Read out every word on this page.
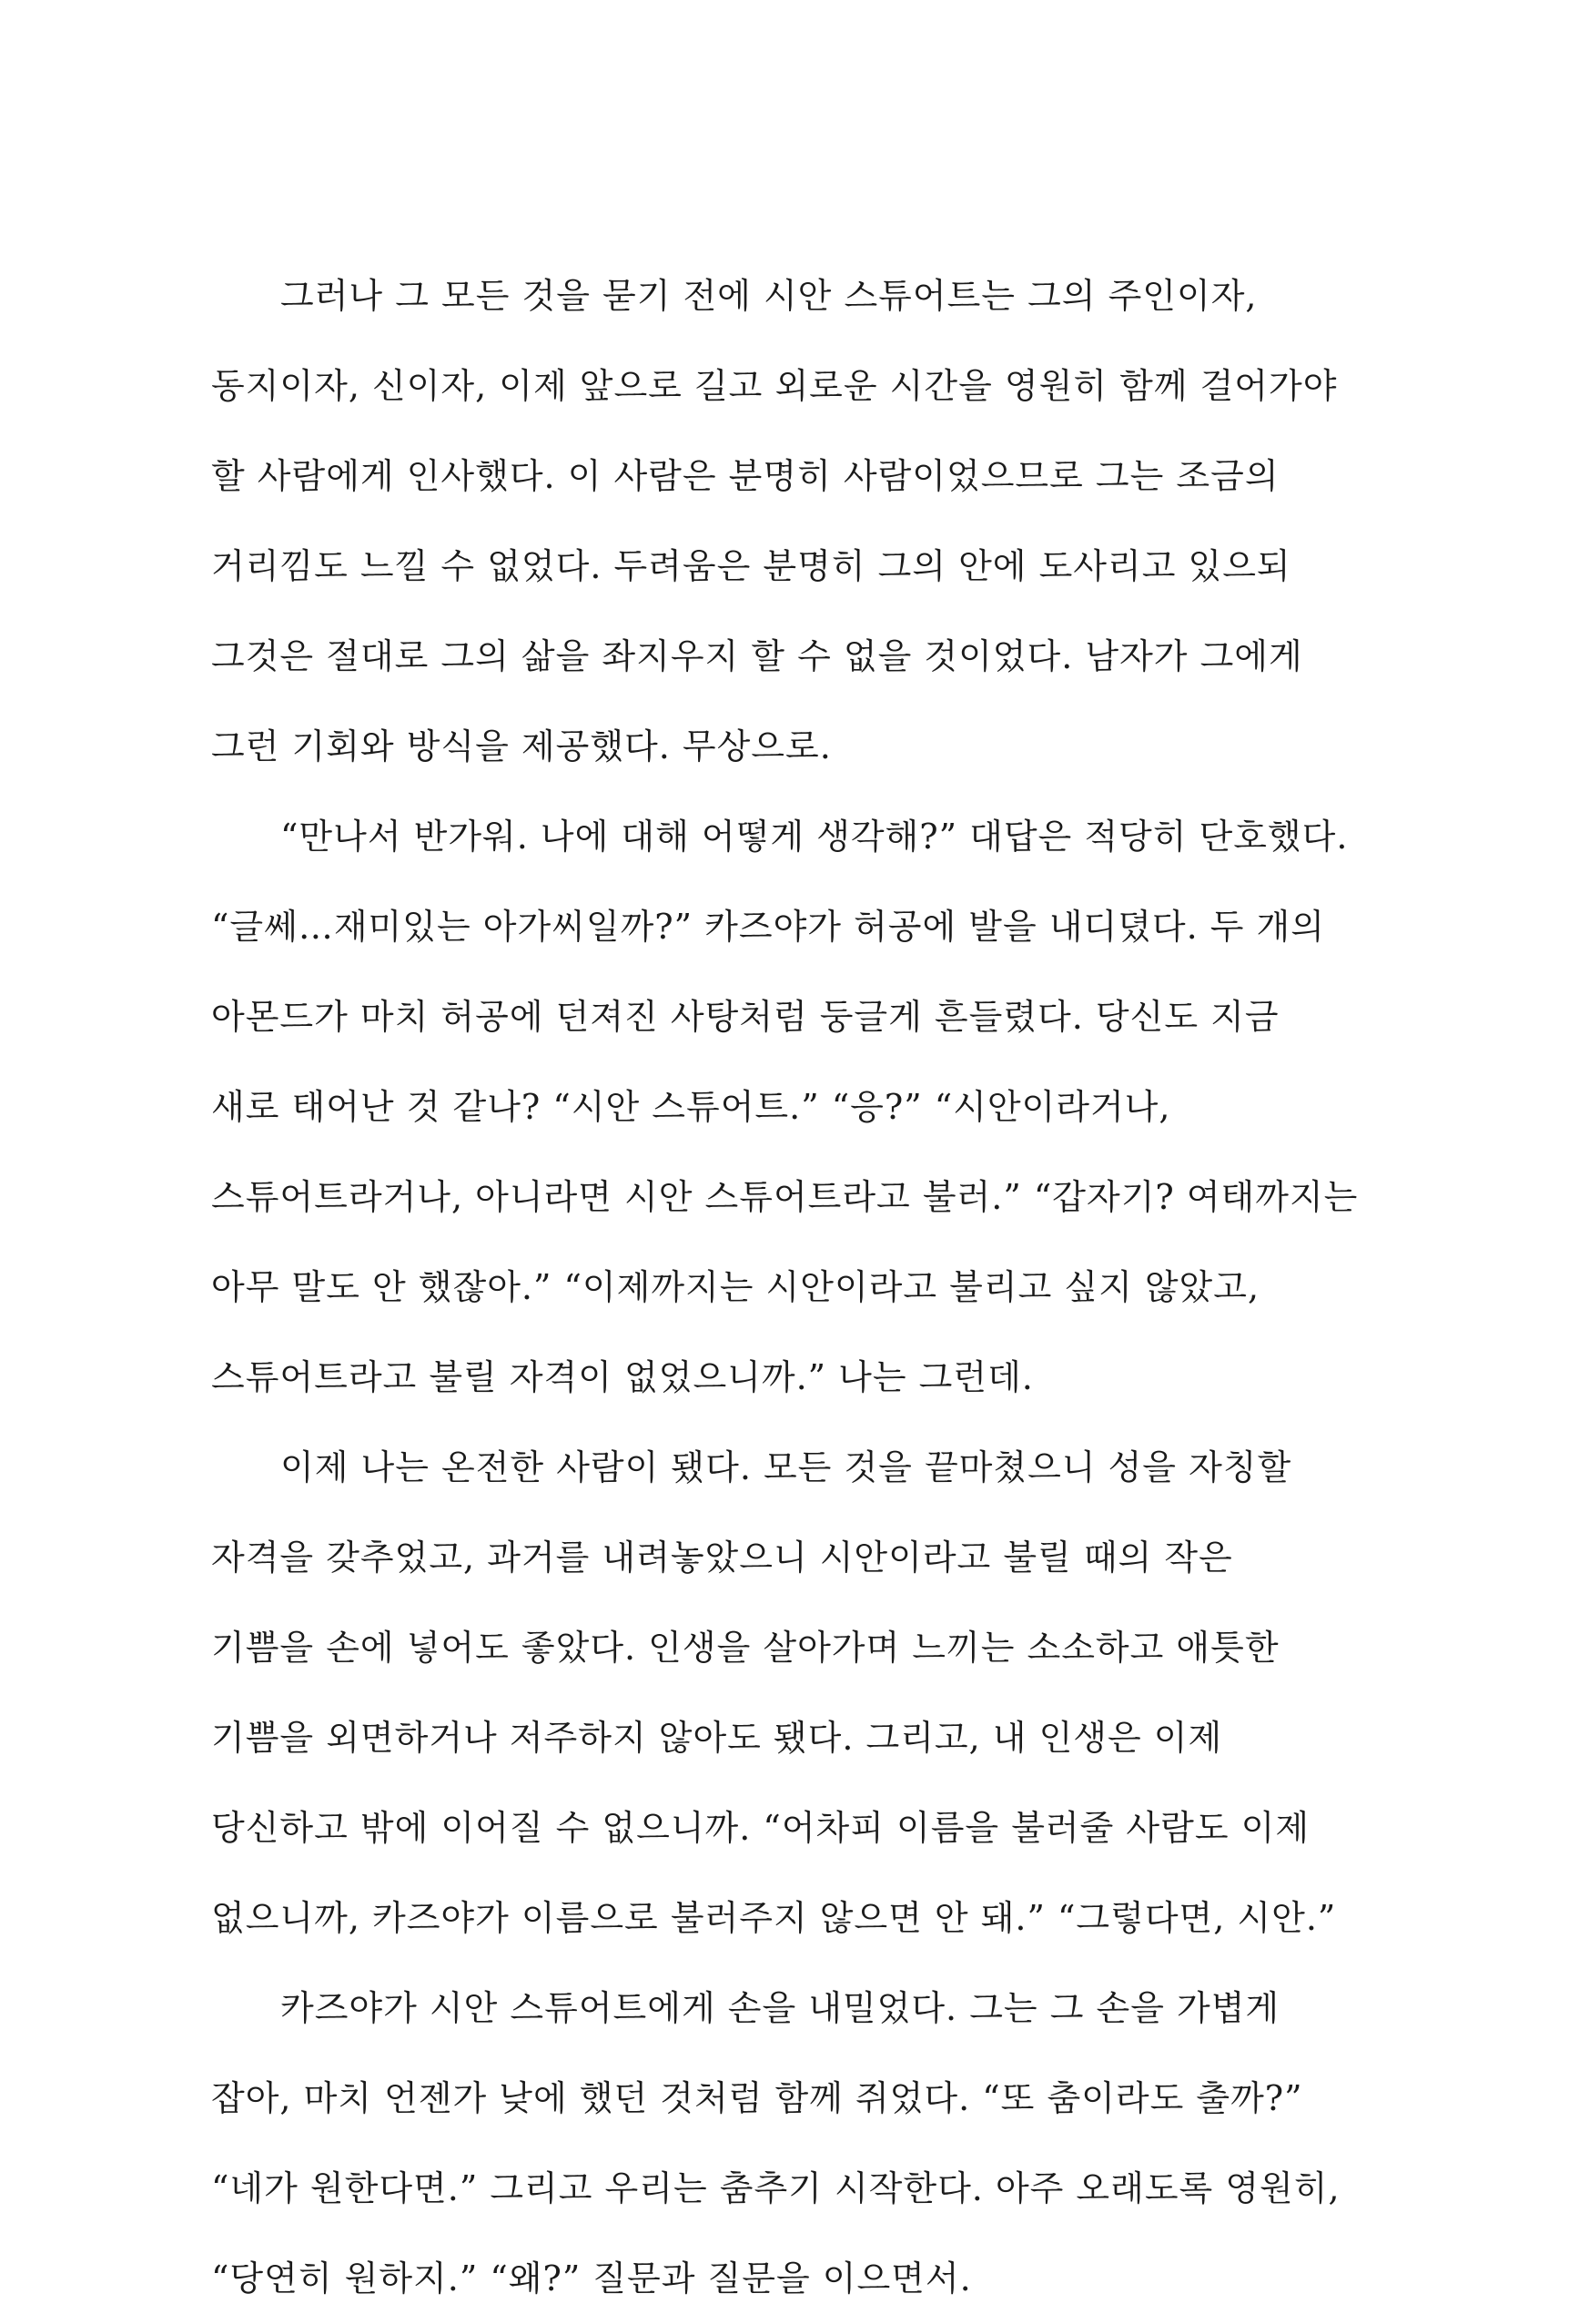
그러나 그 모든 것을 묻기 전에 시안 스튜어트는 그의 주인이자,
동지이자, 신이자, 이제 앞으로 길고 외로운 시간을 영원히 함께 걸어가야
할 사람에게 인사했다. 이 사람은 분명히 사람이었으므로 그는 조금의
거리낌도 느낄 수 없었다. 두려움은 분명히 그의 안에 도사리고 있으되
그것은 절대로 그의 삶을 좌지우지 할 수 없을 것이었다. 남자가 그에게
그런 기회와 방식을 제공했다. 무상으로.
“만나서 반가워. 나에 대해 어떻게 생각해?” 대답은 적당히 단호했다.
“글쎄…재미있는 아가씨일까?” 카즈야가 허공에 발을 내디뎠다. 두 개의
아몬드가 마치 허공에 던져진 사탕처럼 둥글게 흔들렸다. 당신도 지금
새로 태어난 것 같나? “시안 스튜어트.” “응?” “시안이라거나,
스튜어트라거나, 아니라면 시안 스튜어트라고 불러.” “갑자기? 여태까지는
아무 말도 안 했잖아.” “이제까지는 시안이라고 불리고 싶지 않았고,
스튜어트라고 불릴 자격이 없었으니까.” 나는 그런데.
이제 나는 온전한 사람이 됐다. 모든 것을 끝마쳤으니 성을 자칭할
자격을 갖추었고, 과거를 내려놓았으니 시안이라고 불릴 때의 작은
기쁨을 손에 넣어도 좋았다. 인생을 살아가며 느끼는 소소하고 애틋한
기쁨을 외면하거나 저주하지 않아도 됐다. 그리고, 내 인생은 이제
당신하고 밖에 이어질 수 없으니까. “어차피 이름을 불러줄 사람도 이제
없으니까, 카즈야가 이름으로 불러주지 않으면 안 돼.” “그렇다면, 시안.”
카즈야가 시안 스튜어트에게 손을 내밀었다. 그는 그 손을 가볍게
잡아, 마치 언젠가 낮에 했던 것처럼 함께 쥐었다. “또 춤이라도 출까?”
“네가 원한다면.” 그리고 우리는 춤추기 시작한다. 아주 오래도록 영원히,
“당연히 원하지.” “왜?” 질문과 질문을 이으면서.
